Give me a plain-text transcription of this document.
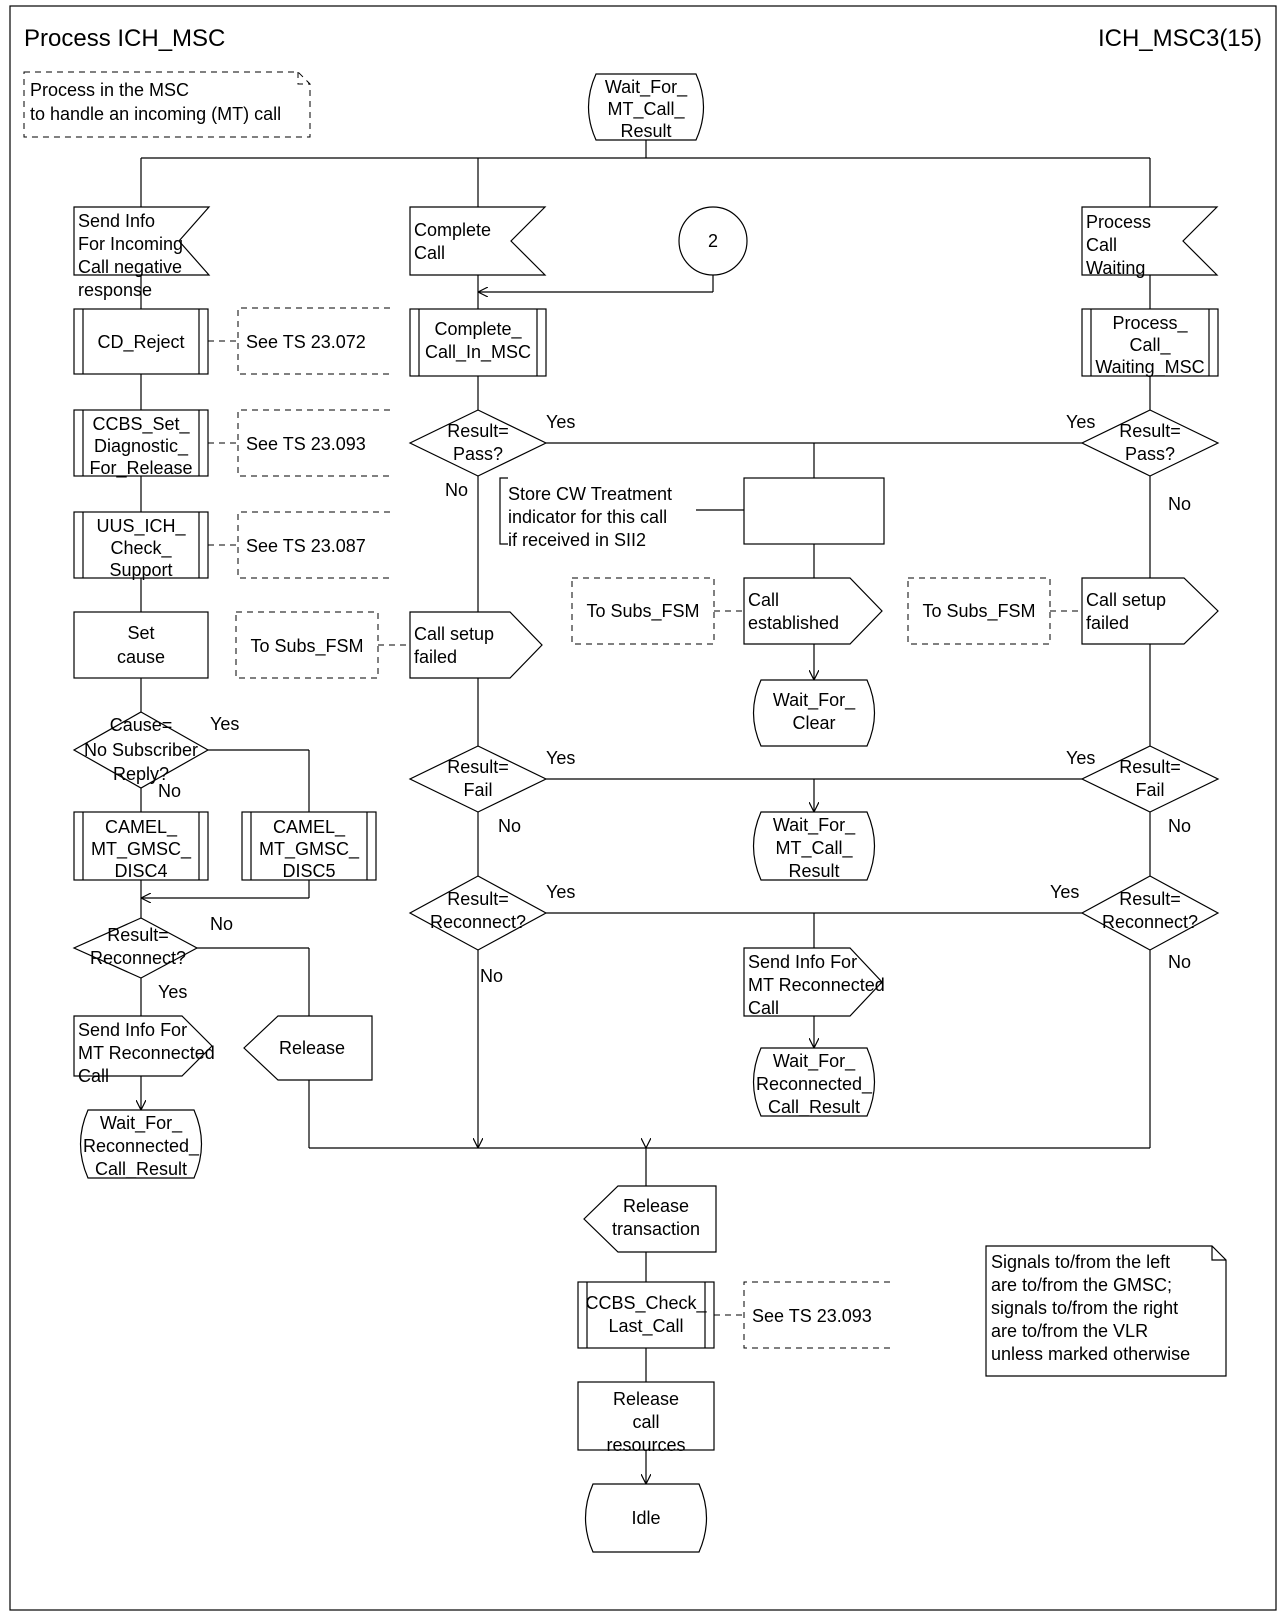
Process ICH_MSC	ICH_MSC3(15)
Process in the MSC
to handle an incoming (MT) call
Wait_For_
MT_Call_
Result
Send Info
For Incoming
Call negative
response
CD_Reject	See TS 23.072
CCBS_Set_
Diagnostic_
For_Release
See TS 23.093
UUS_ICH_
Check_
Support
See TS 23.087
Set
cause
To Subs_FSM
Cause=
No Subscriber
Reply?
Yes
No
CAMEL_
MT_GMSC_
DISC4
CAMEL_
MT_GMSC_
DISC5
Result=
Reconnect?
No
Yes
Send Info For
MT Reconnected
Call
Release
Wait_For_
Reconnected_
Call_Result
Complete
Call
2
Complete_
Call_In_MSC
Result=
Pass?
Yes
No Store CW Treatment
indicator for this call
if received in SII2
Call setup
failed
To Subs_FSM
Call
established
Wait_For_
Clear
Result=
Fail
Yes
No	Wait_For_
MT_Call_
Result
Result=
Reconnect?
Yes
No
Send Info For
MT Reconnected
Call
Wait_For_
Reconnected_
Call_Result
Process
Call
Waiting
Process_
Call_
Waiting_MSC
Result=
Pass?
Yes
No
To Subs_FSM
Call setup
failed
Result=
Fail
Yes
No
Result=
Reconnect?
Yes
No
Release
transaction
CCBS_Check_
Last_Call	See TS 23.093
Release
call
resources
Idle
Signals to/from the left
are to/from the GMSC;
signals to/from the right
are to/from the VLR
unless marked otherwise
